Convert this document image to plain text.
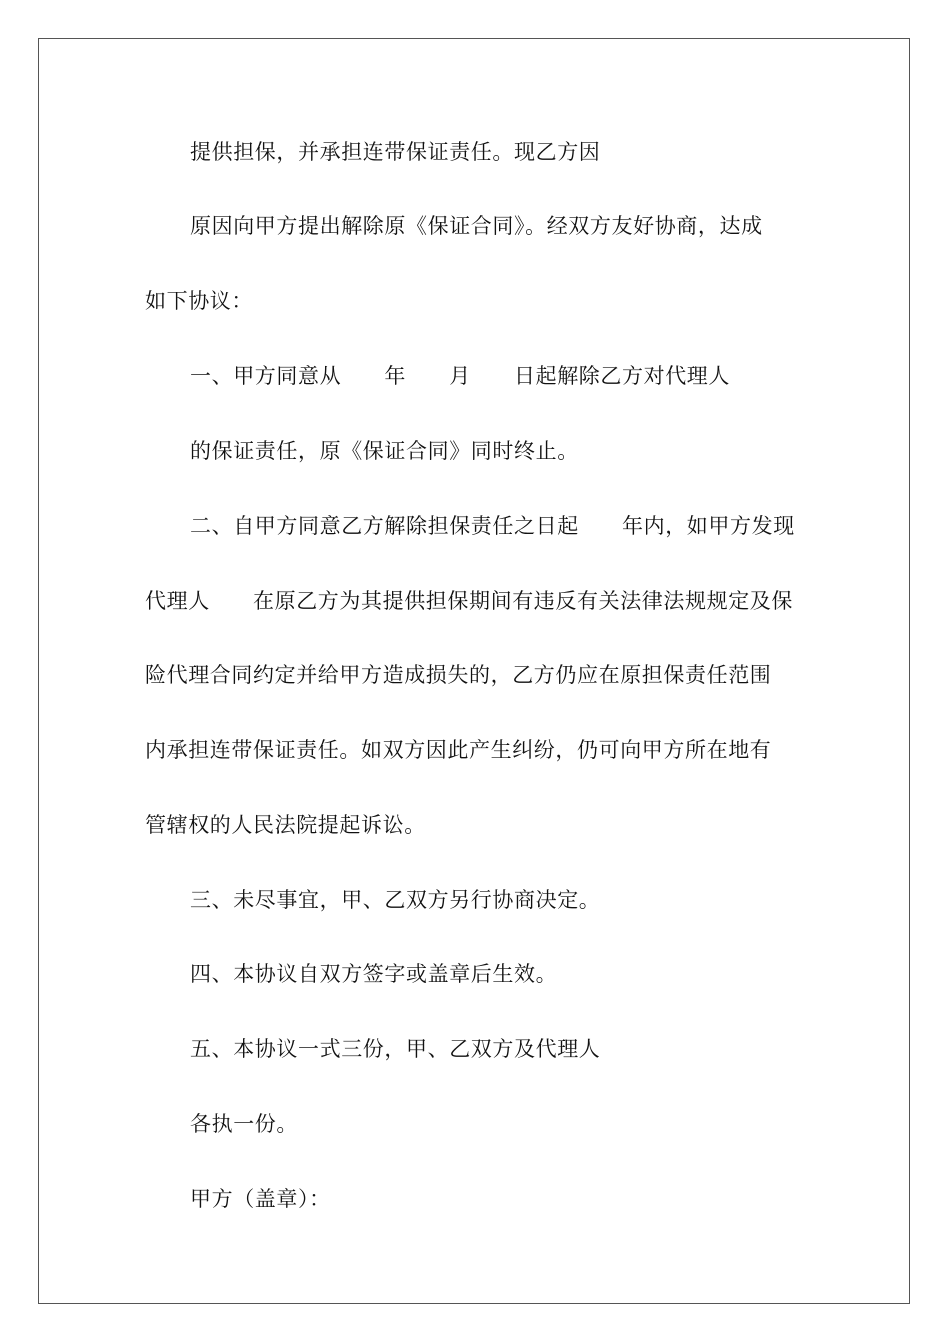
提供担保，并承担连带保证责任。现乙方因
原因向甲方提出解除原《保证合同》。经双方友好协商，达成
如下协议：
一、甲方同意从　　年　　月　　日起解除乙方对代理人
的保证责任，原《保证合同》同时终止。
二、自甲方同意乙方解除担保责任之日起　　年内，如甲方发现
代理人　　在原乙方为其提供担保期间有违反有关法律法规规定及保
险代理合同约定并给甲方造成损失的，乙方仍应在原担保责任范围
内承担连带保证责任。如双方因此产生纠纷，仍可向甲方所在地有
管辖权的人民法院提起诉讼。
三、未尽事宜，甲、乙双方另行协商决定。
四、本协议自双方签字或盖章后生效。
五、本协议一式三份，甲、乙双方及代理人
各执一份。
甲方（盖章）：
